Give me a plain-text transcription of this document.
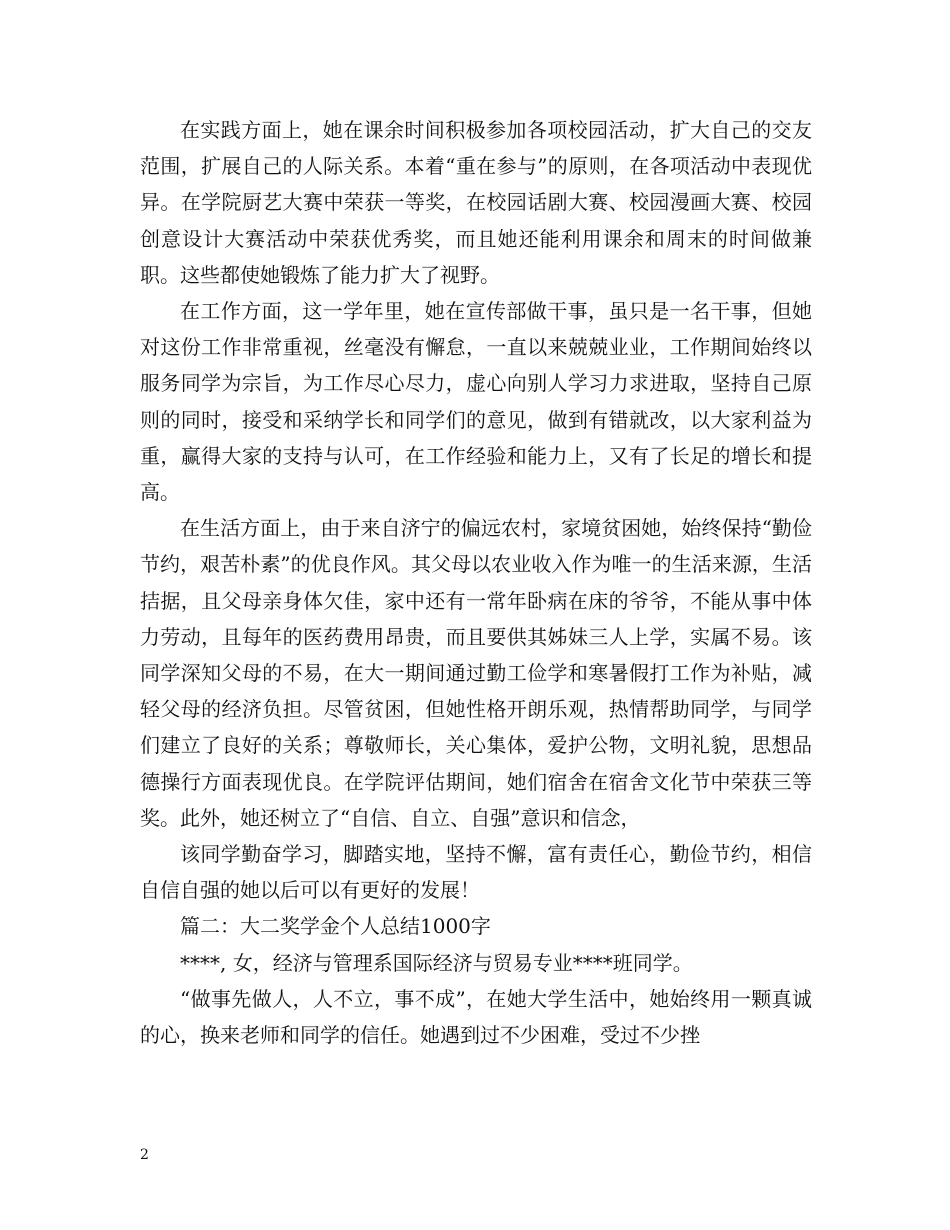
在实践方面上，她在课余时间积极参加各项校园活动，扩大自己的交友范围，扩展自己的人际关系。本着“重在参与”的原则，在各项活动中表现优异。在学院厨艺大赛中荣获一等奖，在校园话剧大赛、校园漫画大赛、校园创意设计大赛活动中荣获优秀奖，而且她还能利用课余和周末的时间做兼职。这些都使她锻炼了能力扩大了视野。

在工作方面，这一学年里，她在宣传部做干事，虽只是一名干事，但她对这份工作非常重视，丝毫没有懈怠，一直以来兢兢业业，工作期间始终以服务同学为宗旨，为工作尽心尽力，虚心向别人学习力求进取，坚持自己原则的同时，接受和采纳学长和同学们的意见，做到有错就改，以大家利益为重，赢得大家的支持与认可，在工作经验和能力上，又有了长足的增长和提高。

在生活方面上，由于来自济宁的偏远农村，家境贫困她，始终保持“勤俭节约，艰苦朴素”的优良作风。其父母以农业收入作为唯一的生活来源，生活拮据，且父母亲身体欠佳，家中还有一常年卧病在床的爷爷，不能从事中体力劳动，且每年的医药费用昂贵，而且要供其姊妹三人上学，实属不易。该同学深知父母的不易，在大一期间通过勤工俭学和寒暑假打工作为补贴，减轻父母的经济负担。尽管贫困，但她性格开朗乐观，热情帮助同学，与同学们建立了良好的关系；尊敬师长，关心集体，爱护公物，文明礼貌，思想品德操行方面表现优良。在学院评估期间，她们宿舍在宿舍文化节中荣获三等奖。此外，她还树立了“自信、自立、自强”意识和信念，

该同学勤奋学习，脚踏实地，坚持不懈，富有责任心，勤俭节约，相信自信自强的她以后可以有更好的发展！

篇二：大二奖学金个人总结1000字

****, 女，经济与管理系国际经济与贸易专业****班同学。

“做事先做人，人不立，事不成”，在她大学生活中，她始终用一颗真诚的心，换来老师和同学的信任。她遇到过不少困难，受过不少挫

2
